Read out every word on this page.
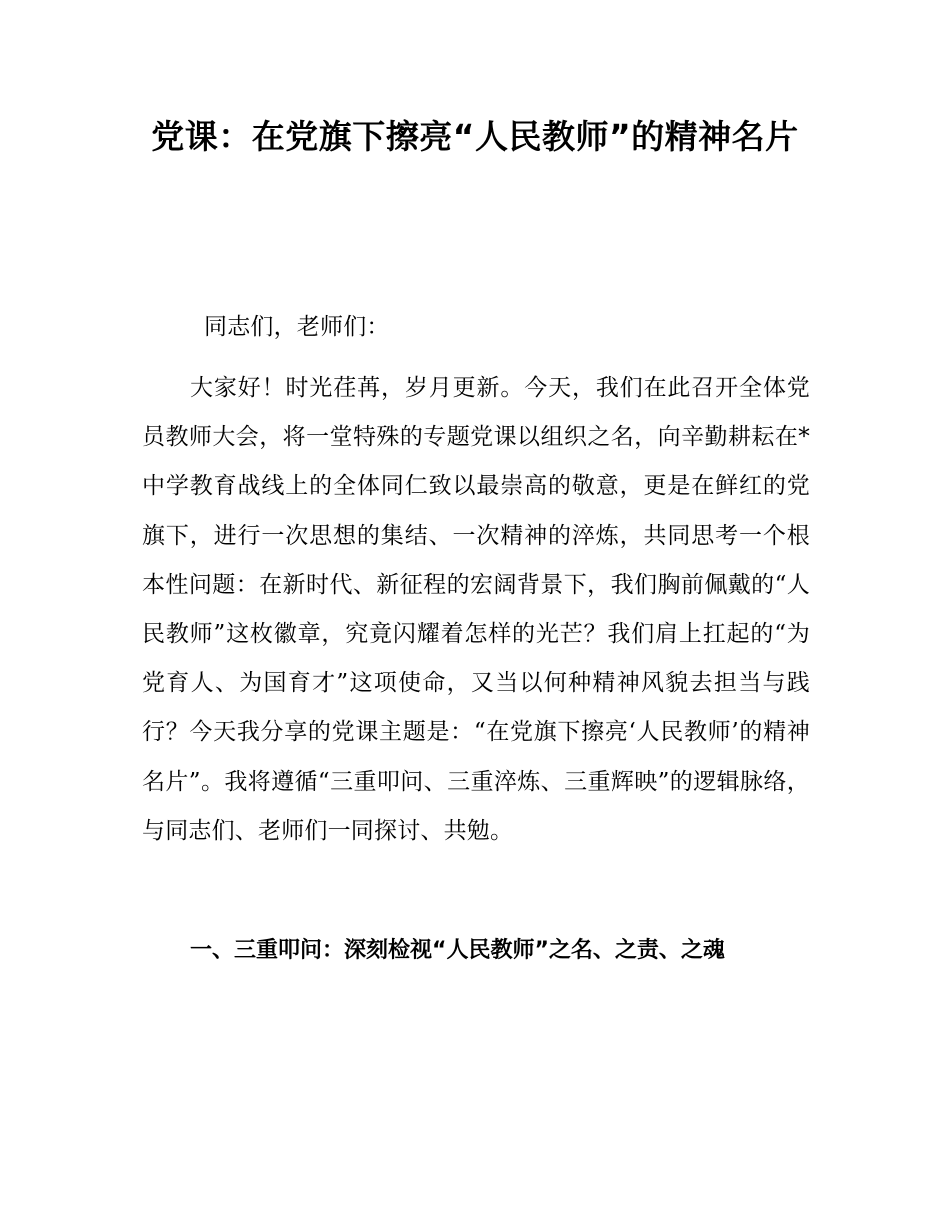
党课：在党旗下擦亮“人民教师”的精神名片
同志们，老师们：
大家好！时光荏苒，岁月更新。今天，我们在此召开全体党员教师大会，将一堂特殊的专题党课以组织之名，向辛勤耕耘在*中学教育战线上的全体同仁致以最崇高的敬意，更是在鲜红的党旗下，进行一次思想的集结、一次精神的淬炼，共同思考一个根本性问题：在新时代、新征程的宏阔背景下，我们胸前佩戴的“人民教师”这枚徽章，究竟闪耀着怎样的光芒？我们肩上扛起的“为党育人、为国育才”这项使命，又当以何种精神风貌去担当与践行？今天我分享的党课主题是：“在党旗下擦亮‘人民教师’的精神名片”。我将遵循“三重叩问、三重淬炼、三重辉映”的逻辑脉络，与同志们、老师们一同探讨、共勉。
一、三重叩问：深刻检视“人民教师”之名、之责、之魂
